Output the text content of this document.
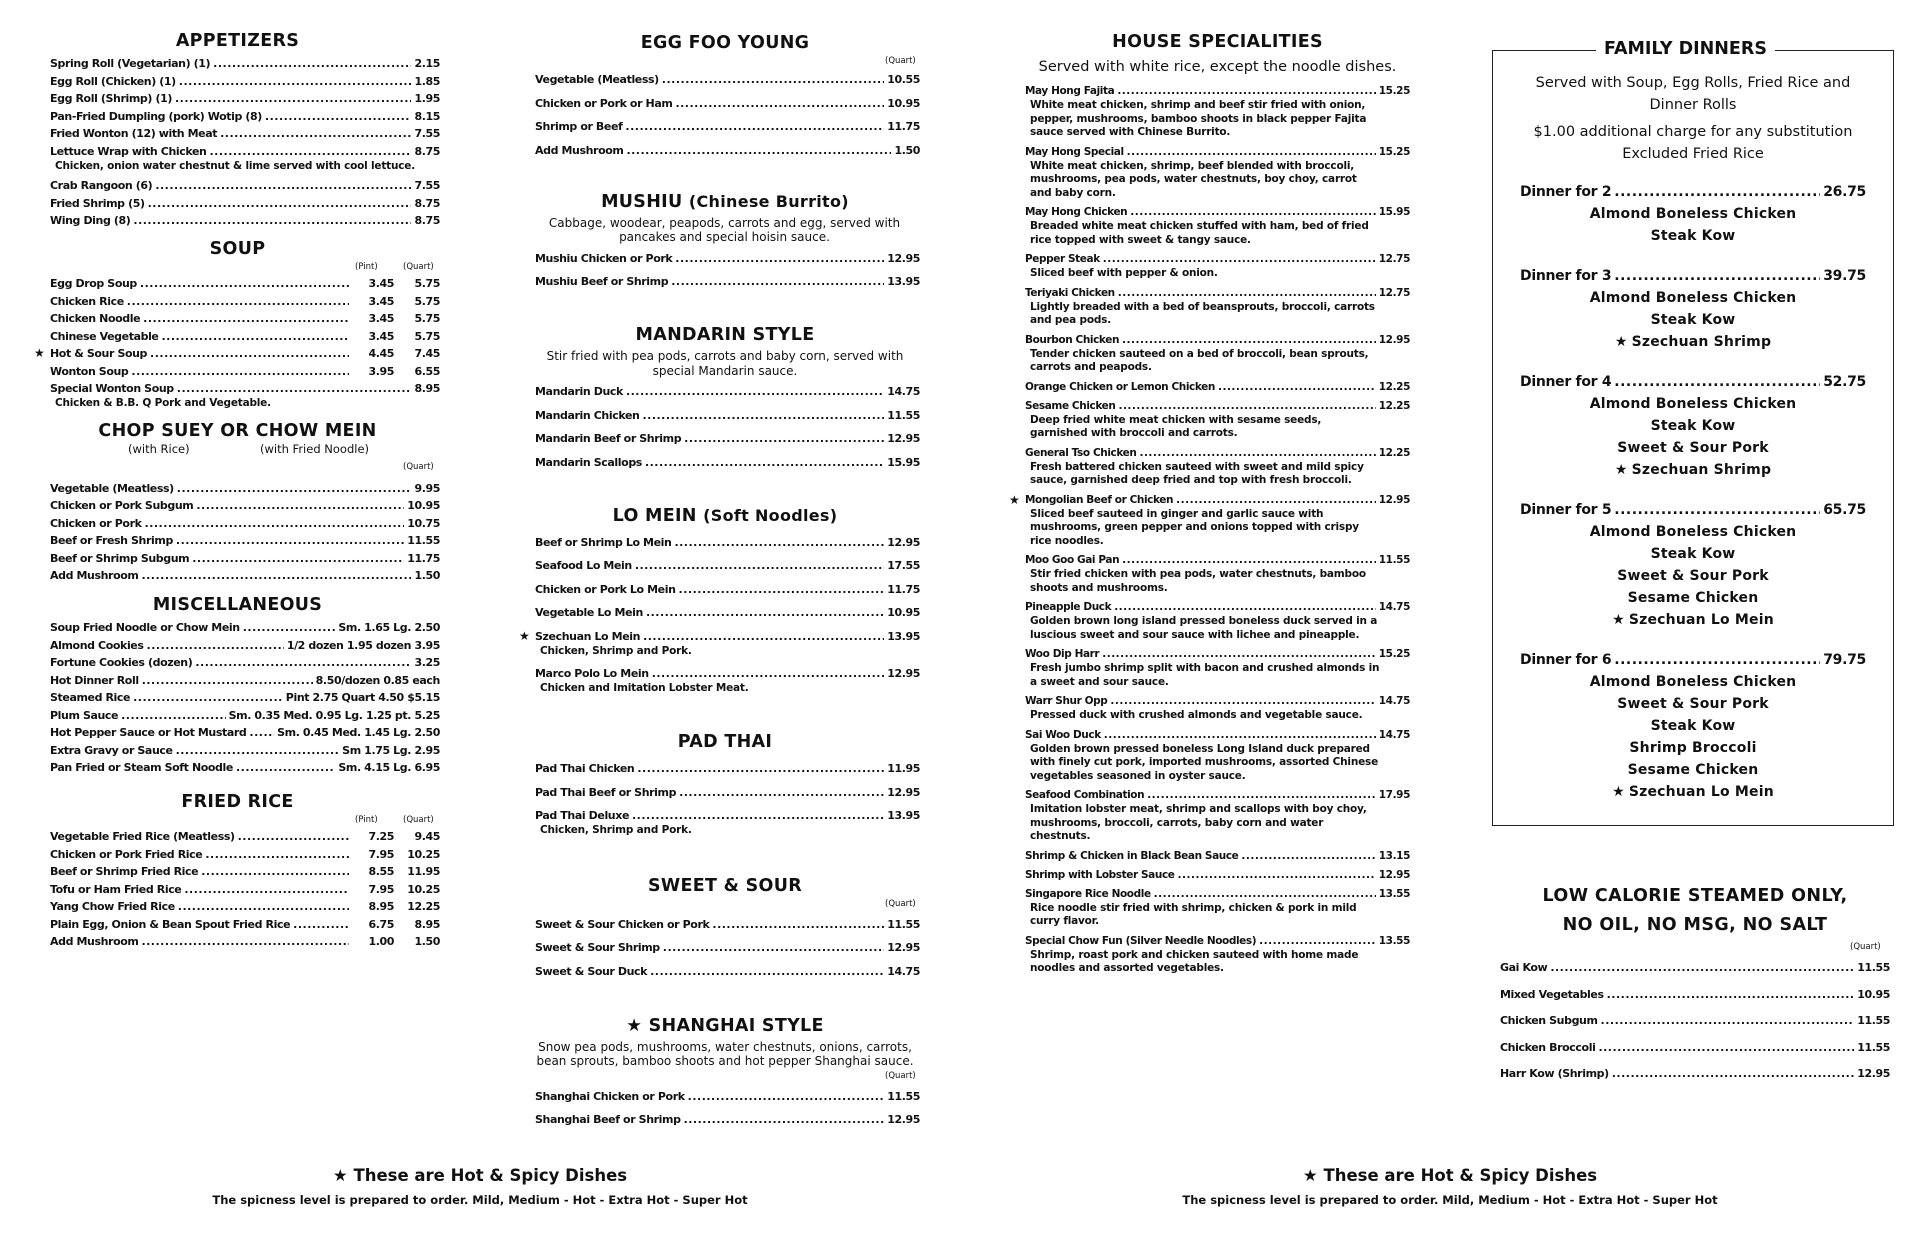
APPETIZERS
Spring Roll (Vegetarian) (1) .....	2.15
Egg Roll (Chicken) (1) .....	1.85
Egg Roll (Shrimp) (1) .....	1.95
Pan-Fried Dumpling (pork) Wotip (8) .....	8.15
Fried Wonton (12) with Meat .....	7.55
Lettuce Wrap with Chicken .....	8.75
Chicken, onion water chestnut & lime served with cool lettuce.
Crab Rangoon (6) .....	7.55
Fried Shrimp (5) .....	8.75
Wing Ding (8) .....	8.75
SOUP
(Pint)	(Quart)
Egg Drop Soup .....	3.45	5.75
Chicken Rice .....	3.45	5.75
Chicken Noodle .....	3.45	5.75
Chinese Vegetable .....	3.45	5.75
★ Hot & Sour Soup .....	4.45	7.45
Wonton Soup .....	3.95	6.55
Special Wonton Soup .....	8.95
Chicken & B.B. Q Pork and Vegetable.
CHOP SUEY OR CHOW MEIN
(with Rice)	(with Fried Noodle)
(Quart)
Vegetable (Meatless) .....	9.95
Chicken or Pork Subgum .....	10.95
Chicken or Pork .....	10.75
Beef or Fresh Shrimp .....	11.55
Beef or Shrimp Subgum .....	11.75
Add Mushroom .....	1.50
MISCELLANEOUS
Soup Fried Noodle or Chow Mein .....	Sm. 1.65 Lg. 2.50
Almond Cookies .....	1/2 dozen 1.95 dozen 3.95
Fortune Cookies (dozen) .....	3.25
Hot Dinner Roll .....	8.50/dozen 0.85 each
Steamed Rice .....	Pint 2.75 Quart 4.50 $5.15
Plum Sauce .....	Sm. 0.35 Med. 0.95 Lg. 1.25 pt. 5.25
Hot Pepper Sauce or Hot Mustard .....	Sm. 0.45 Med. 1.45 Lg. 2.50
Extra Gravy or Sauce .....	Sm 1.75 Lg. 2.95
Pan Fried or Steam Soft Noodle .....	Sm. 4.15 Lg. 6.95
FRIED RICE
(Pint)	(Quart)
Vegetable Fried Rice (Meatless) .....	7.25	9.45
Chicken or Pork Fried Rice .....	7.95	10.25
Beef or Shrimp Fried Rice .....	8.55	11.95
Tofu or Ham Fried Rice .....	7.95	10.25
Yang Chow Fried Rice .....	8.95	12.25
Plain Egg, Onion & Bean Spout Fried Rice .....	6.75	8.95
Add Mushroom .....	1.00	1.50
EGG FOO YOUNG
(Quart)
Vegetable (Meatless) .....	10.55
Chicken or Pork or Ham .....	10.95
Shrimp or Beef .....	11.75
Add Mushroom .....	1.50
MUSHIU (Chinese Burrito)

Cabbage, woodear, peapods, carrots and egg, served with pancakes and special hoisin sauce.

Mushiu Chicken or Pork .....	12.95
Mushiu Beef or Shrimp .....	13.95
MANDARIN STYLE

Stir fried with pea pods, carrots and baby corn, served with special Mandarin sauce.

Mandarin Duck .....	14.75
Mandarin Chicken .....	11.55
Mandarin Beef or Shrimp .....	12.95
Mandarin Scallops .....	15.95
LO MEIN (Soft Noodles)
Beef or Shrimp Lo Mein .....	12.95
Seafood Lo Mein .....	17.55
Chicken or Pork Lo Mein .....	11.75
Vegetable Lo Mein .....	10.95
★ Szechuan Lo Mein .....	13.95
Chicken, Shrimp and Pork.
Marco Polo Lo Mein .....	12.95
Chicken and Imitation Lobster Meat.
PAD THAI
Pad Thai Chicken .....	11.95
Pad Thai Beef or Shrimp .....	12.95
Pad Thai Deluxe .....	13.95
Chicken, Shrimp and Pork.
SWEET & SOUR
(Quart)
Sweet & Sour Chicken or Pork .....	11.55
Sweet & Sour Shrimp .....	12.95
Sweet & Sour Duck .....	14.75
★ SHANGHAI STYLE

Snow pea pods, mushrooms, water chestnuts, onions, carrots, bean sprouts, bamboo shoots and hot pepper Shanghai sauce.

(Quart)
Shanghai Chicken or Pork .....	11.55
Shanghai Beef or Shrimp .....	12.95
★ These are Hot & Spicy Dishes
The spicness level is prepared to order. Mild, Medium - Hot - Extra Hot - Super Hot
HOUSE SPECIALITIES

Served with white rice, except the noodle dishes.

May Hong Fajita .....	15.25
White meat chicken, shrimp and beef stir fried with onion, pepper, mushrooms, bamboo shoots in black pepper Fajita sauce served with Chinese Burrito.
May Hong Special .....	15.25
White meat chicken, shrimp, beef blended with broccoli, mushrooms, pea pods, water chestnuts, boy choy, carrot and baby corn.
May Hong Chicken .....	15.95
Breaded white meat chicken stuffed with ham, bed of fried rice topped with sweet & tangy sauce.
Pepper Steak .....	12.75
Sliced beef with pepper & onion.
Teriyaki Chicken .....	12.75
Lightly breaded with a bed of beansprouts, broccoli, carrots and pea pods.
Bourbon Chicken .....	12.95
Tender chicken sauteed on a bed of broccoli, bean sprouts, carrots and peapods.
Orange Chicken or Lemon Chicken .....	12.25
Sesame Chicken .....	12.25
Deep fried white meat chicken with sesame seeds, garnished with broccoli and carrots.
General Tso Chicken .....	12.25
Fresh battered chicken sauteed with sweet and mild spicy sauce, garnished deep fried and top with fresh broccoli.
★ Mongolian Beef or Chicken .....	12.95
Sliced beef sauteed in ginger and garlic sauce with mushrooms, green pepper and onions topped with crispy rice noodles.
Moo Goo Gai Pan .....	11.55
Stir fried chicken with pea pods, water chestnuts, bamboo shoots and mushrooms.
Pineapple Duck .....	14.75
Golden brown long island pressed boneless duck served in a luscious sweet and sour sauce with lichee and pineapple.
Woo Dip Harr .....	15.25
Fresh jumbo shrimp split with bacon and crushed almonds in a sweet and sour sauce.
Warr Shur Opp .....	14.75
Pressed duck with crushed almonds and vegetable sauce.
Sai Woo Duck .....	14.75
Golden brown pressed boneless Long Island duck prepared with finely cut pork, imported mushrooms, assorted Chinese vegetables seasoned in oyster sauce.
Seafood Combination .....	17.95
Imitation lobster meat, shrimp and scallops with boy choy, mushrooms, broccoli, carrots, baby corn and water chestnuts.
Shrimp & Chicken in Black Bean Sauce .....	13.15
Shrimp with Lobster Sauce .....	12.95
Singapore Rice Noodle .....	13.55
Rice noodle stir fried with shrimp, chicken & pork in mild curry flavor.
Special Chow Fun (Silver Needle Noodles) .....	13.55
Shrimp, roast pork and chicken sauteed with home made noodles and assorted vegetables.
★ These are Hot & Spicy Dishes
The spicness level is prepared to order. Mild, Medium - Hot - Extra Hot - Super Hot
FAMILY DINNERS

Served with Soup, Egg Rolls, Fried Rice and Dinner Rolls

$1.00 additional charge for any substitution Excluded Fried Rice

Dinner for 2 .....	26.75
Almond Boneless Chicken
Steak Kow
Dinner for 3 .....	39.75
Almond Boneless Chicken
Steak Kow
★ Szechuan Shrimp
Dinner for 4 .....	52.75
Almond Boneless Chicken
Steak Kow
Sweet & Sour Pork
★ Szechuan Shrimp
Dinner for 5 .....	65.75
Almond Boneless Chicken
Steak Kow
Sweet & Sour Pork
Sesame Chicken
★ Szechuan Lo Mein
Dinner for 6 .....	79.75
Almond Boneless Chicken
Sweet & Sour Pork
Steak Kow
Shrimp Broccoli
Sesame Chicken
★ Szechuan Lo Mein
LOW CALORIE STEAMED ONLY,
NO OIL, NO MSG, NO SALT
(Quart)
Gai Kow .....	11.55
Mixed Vegetables .....	10.95
Chicken Subgum .....	11.55
Chicken Broccoli .....	11.55
Harr Kow (Shrimp) .....	12.95
